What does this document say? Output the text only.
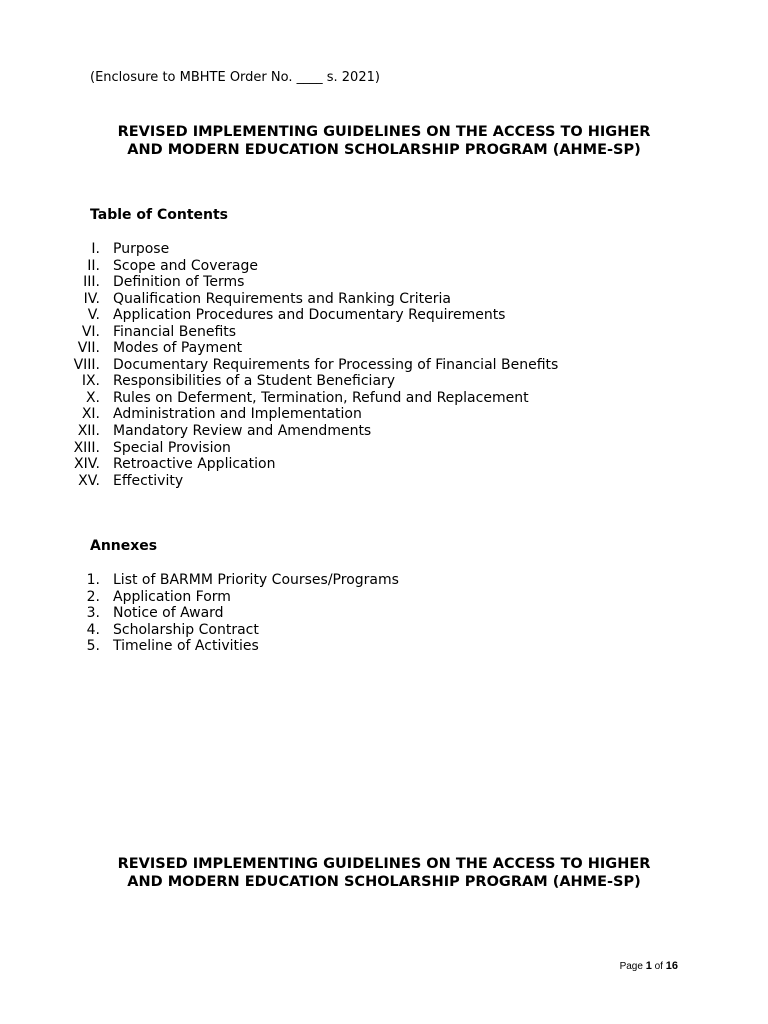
(Enclosure to MBHTE Order No. ____ s. 2021)
REVISED IMPLEMENTING GUIDELINES ON THE ACCESS TO HIGHER
AND MODERN EDUCATION SCHOLARSHIP PROGRAM (AHME-SP)
Table of Contents
I. Purpose
II. Scope and Coverage
III. Definition of Terms
IV. Qualification Requirements and Ranking Criteria
V. Application Procedures and Documentary Requirements
VI. Financial Benefits
VII. Modes of Payment
VIII. Documentary Requirements for Processing of Financial Benefits
IX. Responsibilities of a Student Beneficiary
X. Rules on Deferment, Termination, Refund and Replacement
XI. Administration and Implementation
XII. Mandatory Review and Amendments
XIII. Special Provision
XIV. Retroactive Application
XV. Effectivity
Annexes
1. List of BARMM Priority Courses/Programs
2. Application Form
3. Notice of Award
4. Scholarship Contract
5. Timeline of Activities
REVISED IMPLEMENTING GUIDELINES ON THE ACCESS TO HIGHER
AND MODERN EDUCATION SCHOLARSHIP PROGRAM (AHME-SP)
Page 1 of 16
